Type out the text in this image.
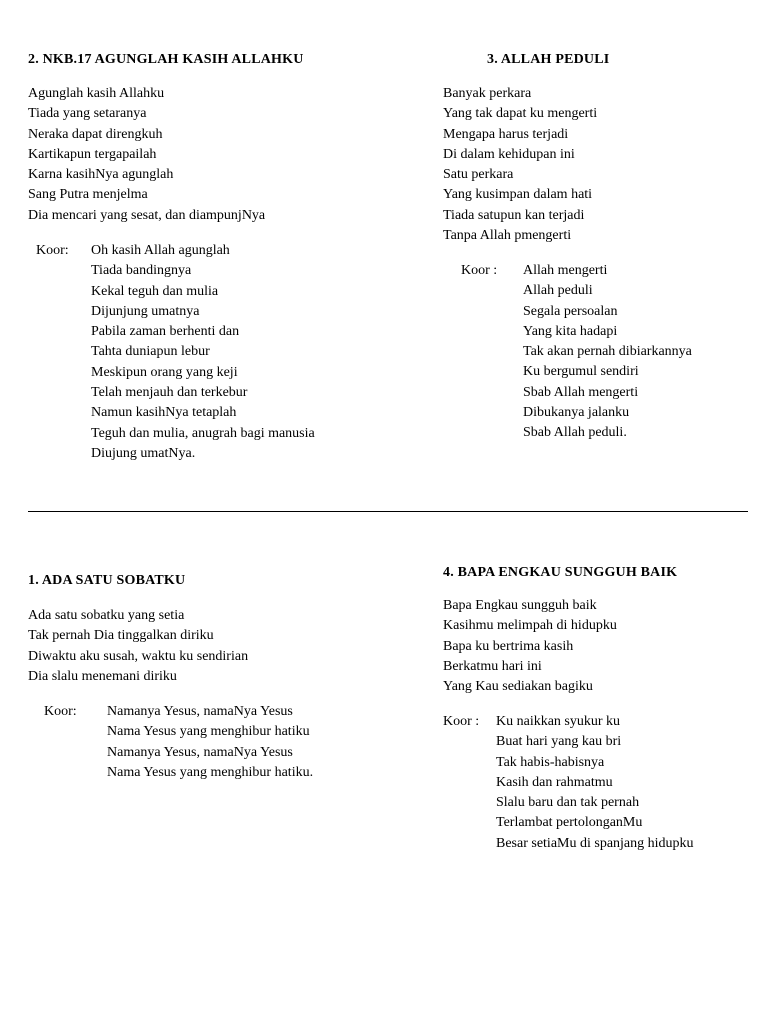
2. NKB.17 AGUNGLAH KASIH ALLAHKU
Agunglah kasih Allahku
Tiada yang setaranya
Neraka dapat direngkuh
Kartikapun tergapailah
Karna kasihNya agunglah
Sang Putra menjelma
Dia mencari yang sesat, dan diampunjNya
Koor: Oh kasih Allah agunglah
Tiada bandingnya
Kekal teguh dan mulia
Dijunjung umatnya
Pabila zaman berhenti dan
Tahta duniapun lebur
Meskipun orang yang keji
Telah menjauh dan terkebur
Namun kasihNya tetaplah
Teguh dan mulia, anugrah bagi manusia
Diujung umatNya.
3. ALLAH PEDULI
Banyak perkara
Yang tak dapat ku mengerti
Mengapa harus terjadi
Di dalam kehidupan ini
Satu perkara
Yang kusimpan dalam hati
Tiada satupun kan terjadi
Tanpa Allah pmengerti
Koor : Allah mengerti
Allah peduli
Segala persoalan
Yang kita hadapi
Tak akan pernah dibiarkannya
Ku bergumul sendiri
Sbab Allah mengerti
Dibukanya jalanku
Sbab Allah peduli.
1. ADA SATU SOBATKU
Ada satu sobatku yang setia
Tak pernah Dia tinggalkan diriku
Diwaktu aku susah, waktu ku sendirian
Dia slalu menemani diriku
Koor: Namanya Yesus, namaNya Yesus
Nama Yesus yang menghibur hatiku
Namanya Yesus, namaNya Yesus
Nama Yesus yang menghibur hatiku.
4. BAPA ENGKAU SUNGGUH BAIK
Bapa Engkau sungguh baik
Kasihmu melimpah di hidupku
Bapa ku bertrima kasih
Berkatmu hari ini
Yang Kau sediakan bagiku
Koor : Ku naikkan syukur ku
Buat hari yang kau bri
Tak habis-habisnya
Kasih dan rahmatmu
Slalu baru dan tak pernah
Terlambat pertolonganMu
Besar setiaMu di spanjang hidupku
